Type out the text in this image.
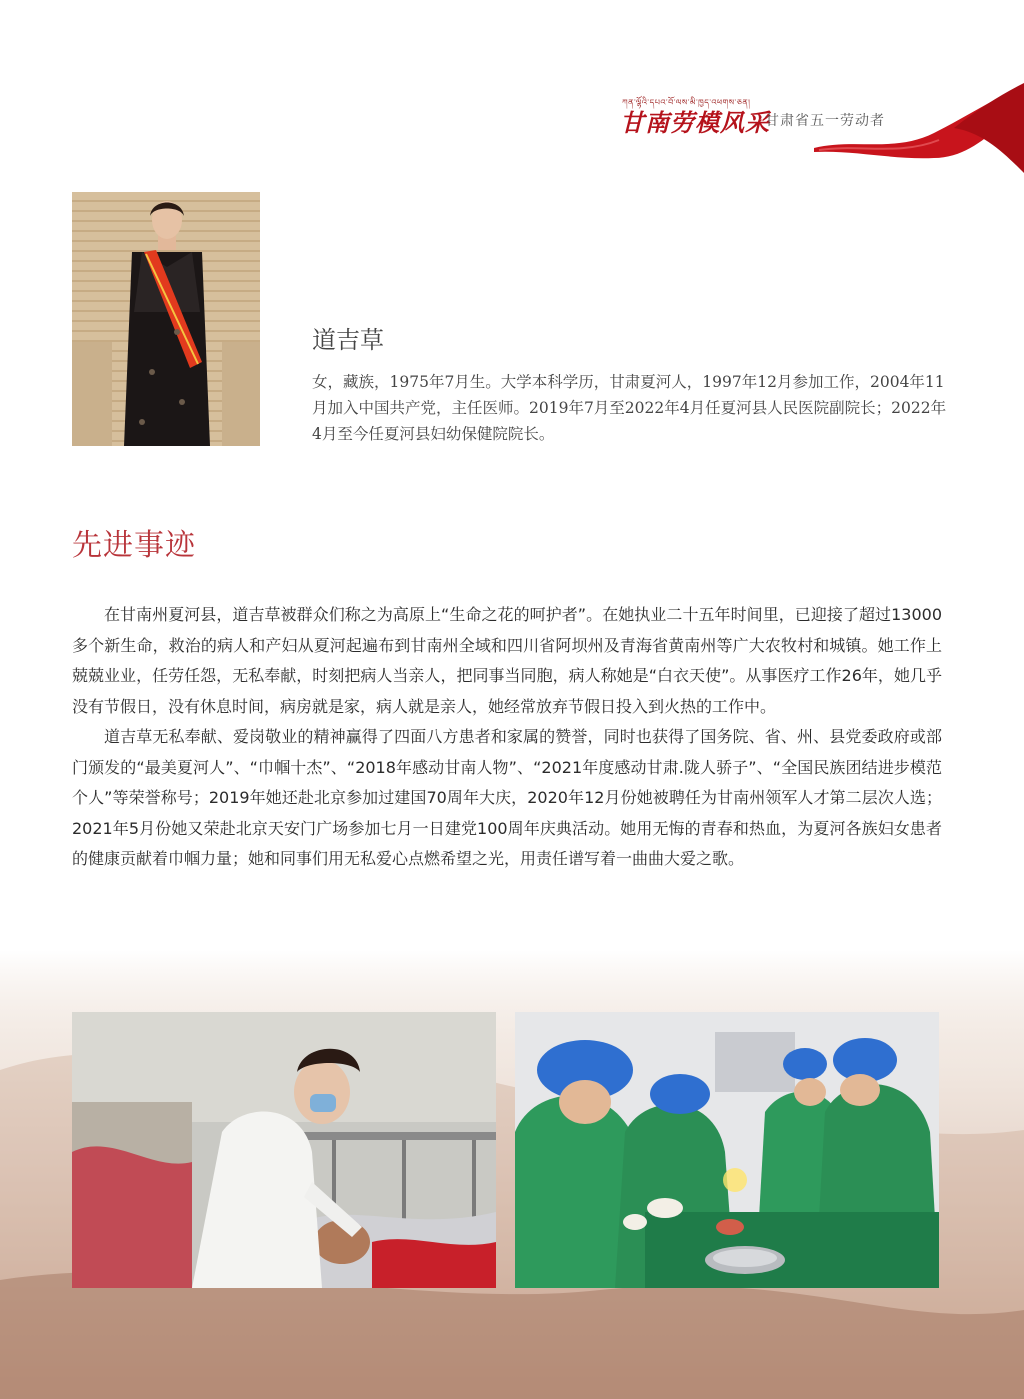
ཀན་ལྷོའི་དཔའ་བོ་ལས་མི་ཁྱད་འཕགས་ཅན།
甘南劳模风采
甘肃省五一劳动者
道吉草
女，藏族，1975年7月生。大学本科学历，甘肃夏河人，1997年12月参加工作，2004年11月加入中国共产党，主任医师。2019年7月至2022年4月任夏河县人民医院副院长；2022年4月至今任夏河县妇幼保健院院长。
先进事迹

在甘南州夏河县，道吉草被群众们称之为高原上“生命之花的呵护者”。在她执业二十五年时间里，已迎接了超过13000多个新生命，救治的病人和产妇从夏河起遍布到甘南州全域和四川省阿坝州及青海省黄南州等广大农牧村和城镇。她工作上兢兢业业，任劳任怨，无私奉献，时刻把病人当亲人，把同事当同胞，病人称她是“白衣天使”。从事医疗工作26年，她几乎没有节假日，没有休息时间，病房就是家，病人就是亲人，她经常放弃节假日投入到火热的工作中。

道吉草无私奉献、爱岗敬业的精神赢得了四面八方患者和家属的赞誉，同时也获得了国务院、省、州、县党委政府或部门颁发的“最美夏河人”、“巾帼十杰”、“2018年感动甘南人物”、“2021年度感动甘肃.陇人骄子”、“全国民族团结进步模范个人”等荣誉称号；2019年她还赴北京参加过建国70周年大庆，2020年12月份她被聘任为甘南州领军人才第二层次人选；2021年5月份她又荣赴北京天安门广场参加七月一日建党100周年庆典活动。她用无悔的青春和热血，为夏河各族妇女患者的健康贡献着巾帼力量；她和同事们用无私爱心点燃希望之光，用责任谱写着一曲曲大爱之歌。
